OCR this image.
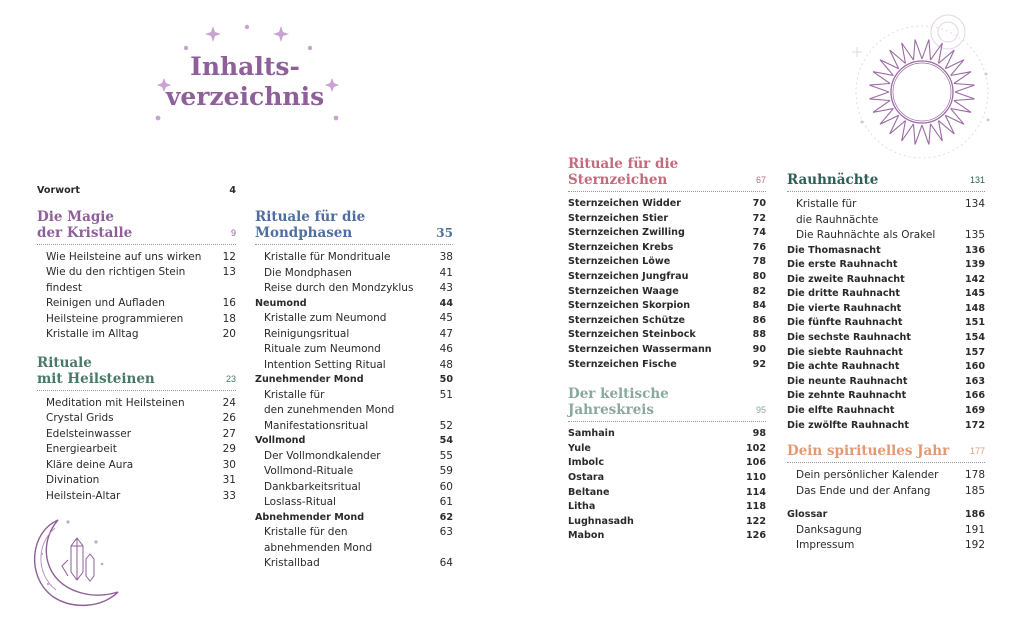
Inhalts-
verzeichnis
Vorwort	4
Die Magie
der Kristalle	9
Wie Heilsteine auf uns wirken	12
Wie du den richtigen Stein findest
13
Reinigen und Aufladen	16
Heilsteine programmieren	18
Kristalle im Alltag	20
Rituale
mit Heilsteinen	23
Meditation mit Heilsteinen	24
Crystal Grids	26
Edelsteinwasser	27
Energiearbeit	29
Kläre deine Aura	30
Divination	31
Heilstein-Altar	33
Rituale für die
Mondphasen	35
Kristalle für Mondrituale	38
Die Mondphasen	41
Reise durch den Mondzyklus	43
Neumond	44
Kristalle zum Neumond	45
Reinigungsritual	47
Rituale zum Neumond	46
Intention Setting Ritual	48
Zunehmender Mond	50
Kristalle für
den zunehmenden Mond
51
Manifestationsritual	52
Vollmond	54
Der Vollmondkalender	55
Vollmond-Rituale	59
Dankbarkeitsritual	60
Loslass-Ritual	61
Abnehmender Mond	62
Kristalle für den
abnehmenden Mond
63
Kristallbad	64
Rituale für die
Sternzeichen	67
Sternzeichen Widder	70
Sternzeichen Stier	72
Sternzeichen Zwilling	74
Sternzeichen Krebs	76
Sternzeichen Löwe	78
Sternzeichen Jungfrau	80
Sternzeichen Waage	82
Sternzeichen Skorpion	84
Sternzeichen Schütze	86
Sternzeichen Steinbock	88
Sternzeichen Wassermann	90
Sternzeichen Fische	92
Der keltische
Jahreskreis	95
Samhain	98
Yule	102
Imbolc	106
Ostara	110
Beltane	114
Litha	118
Lughnasadh	122
Mabon	126
Rauhnächte	131
Kristalle für
die Rauhnächte
134
Die Rauhnächte als Orakel	135
Die Thomasnacht	136
Die erste Rauhnacht	139
Die zweite Rauhnacht	142
Die dritte Rauhnacht	145
Die vierte Rauhnacht	148
Die fünfte Rauhnacht	151
Die sechste Rauhnacht	154
Die siebte Rauhnacht	157
Die achte Rauhnacht	160
Die neunte Rauhnacht	163
Die zehnte Rauhnacht	166
Die elfte Rauhnacht	169
Die zwölfte Rauhnacht	172
Dein spirituelles Jahr 177
Dein persönlicher Kalender	178
Das Ende und der Anfang	185
Glossar	186
Danksagung	191
Impressum	192
